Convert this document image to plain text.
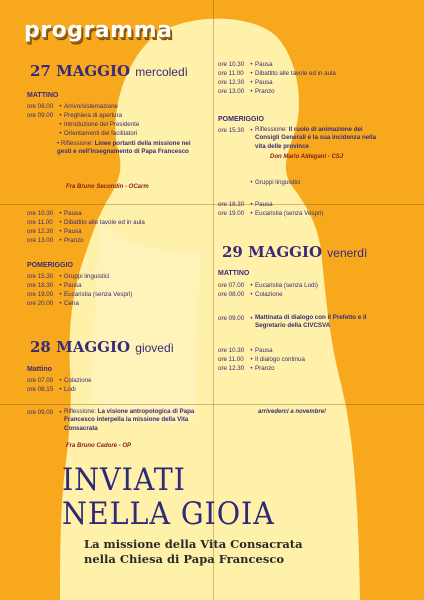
programma
27 MAGGIO mercoledì
MATTINO
ore 08.00 • Arrivo/sistemazione
ore 09.00 • Preghiera di apertura
• Introduzione del Presidente
• Orientamenti dei facilitatori
• Riflessione: Linee portanti della missione nei gesti e nell'insegnamento di Papa Francesco
Fra Bruno Secondin - OCarm
ore 10.30 • Pausa
ore 11.00 • Dibattito alle tavole ed in aula
ore 12.30 • Pausa
ore 13.00 • Pranzo
POMERIGGIO
ore 15.30 • Gruppi linguistici
ore 18.30 • Pausa
ore 19.00 • Eucaristia (senza Vespri)
ore 20.00 • Cena
28 MAGGIO giovedì
Mattino
ore 07.00 • Colazione
ore 08.15 • Lodi
ore 09.00 • Riflessione: La visione antropologica di Papa Francesco interpella la missione della Vita Consacrata
Fra Bruno Cadorè - OP
ore 10.30 • Pausa
ore 11.00 • Dibattito alle tavole ed in aula
ore 12.30 • Pausa
ore 13.00 • Pranzo
POMERIGGIO
ore 15.30 • Riflessione: Il ruolo di animazione dei Consigli Generali e la sua incidenza nella vita delle province
Don Mario Aldegani - CSJ
• Gruppi linguistici
ore 18.30 • Pausa
ore 19.00 • Eucaristia (senza Vespri)
29 MAGGIO venerdì
MATTINO
ore 07.00 • Eucaristia (senza Lodi)
ore 08.00 • Colazione
ore 09.00 • Mattinata di dialogo con il Prefetto e il Segretario della CIVCSVA
ore 10.30 • Pausa
ore 11.00 • Il dialogo continua
ore 12.30 • Pranzo
arrivederci a novembre!
INVIATI
NELLA GIOIA
La missione della Vita Consacrata
nella Chiesa di Papa Francesco
